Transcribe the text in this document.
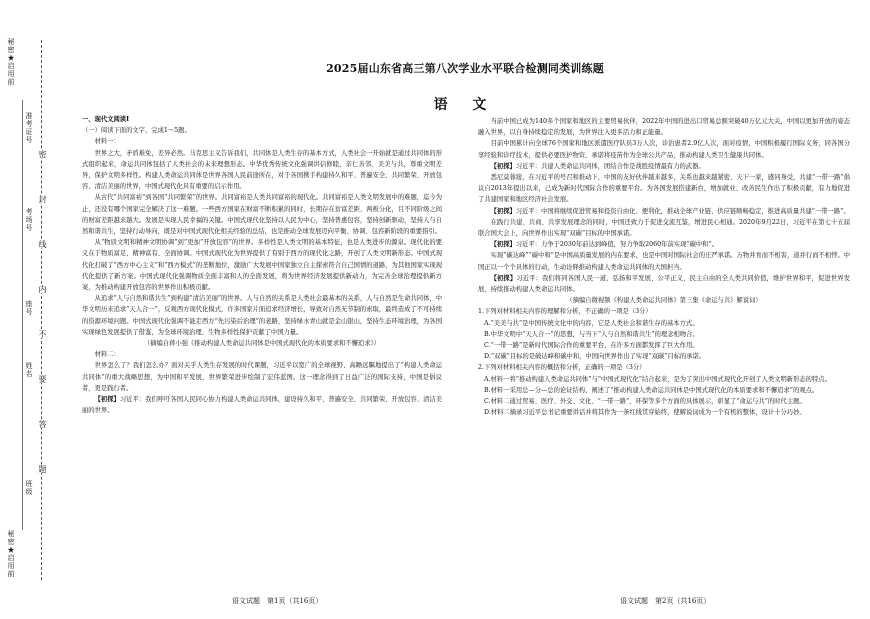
秘密★启用前
准考证号
考场号
座号
姓名
班级
密
封
线
内
不
要
答
题
秘密★启用前
2025届山东省高三第八次学业水平联合检测同类训练题
语 文

一、现代文阅读Ⅰ

（一）阅读下面的文字，完成1～5题。

材料一：

世界之大，矛盾难免，差异必然。马克思主义告诉我们，共同体是人类生存的基本方式，人类社会一开始就是通过共同体的形式组织起来，命运共同体包括了人类社会的未来理想形态。中华优秀传统文化强调讲信修睦，亲仁善邻、美美与共，尊重文明差异，保护文明多样性。构建人类命运共同体是世界各国人民前途所在，对于各国携手构建持久和平、普遍安全、共同繁荣、开放包容、清洁美丽的世界，中国式现代化具有重要的启示作用。

从古代“共同富裕”到各国“共同繁荣”的世界。共同富裕是人类共同富裕的现代化。共同富裕是人类文明发展中的难题，迄今为止，还没有哪个国家完全解决了这一难题。一些西方国家在财富不断积累的同时，长期存在贫富差距、两极分化，且不同阶级之间的财富差距越来越大。发展是实现人民幸福的关键。中国式现代化坚持以人民为中心，坚持普惠包容，坚持创新驱动，坚持人与自然和谐共生，坚持行动导向，既是对中国式现代化相关经验的总结，也是推动全球发展迈向平衡、协调、包容新阶段的重要指引。

从“物质文明和精神文明协调”到“更加“开放包容”的世界。多样性是人类文明的基本特征，也是人类进步的源泉。现代化的要义在于物质富足、精神富有、全面协调。中国式现代化为世界提供了有别于西方的现代化之路，开创了人类文明新形态。中国式现代化打破了“西方中心主义”和“西方模式”的垄断地位，激励广大发展中国家独立自主探索符合自己国情的道路，为其他国家实现现代化提供了新方案。中国式现代化强调物质全面丰富和人的全面发展，将为世界经济发展提供新动力，为完善全球治理提供新方案，为推动构建开放包容的世界作出积极贡献。

从追求“人与自然和谐共生”到构建“清洁美丽”的世界。人与自然的关系是人类社会最基本的关系，人与自然是生命共同体，中华文明历来追求“天人合一”，反观西方现代化模式，许多国家片面追求经济增长，导致对自然无节制的索取，最终造成了不可持续的资源环境问题。中国式现代化强调不能走西方“先污染后治理”的老路，坚持绿水青山就是金山银山，坚持生态环境治理，为各国实现绿色发展提供了借鉴，为全球环境治理、生物多样性保护贡献了中国力量。

（摘编自蒋小强《推动构建人类命运共同体是中国式现代化的本质要求和不懈追求》）

材料二：

世界怎么了？我们怎么办？面对关乎人类生存发展的时代课题，习近平以宽广的全球视野、高瞻远瞩地提出了“构建人类命运共同体”的重大战略思想，为中国和平发展、世界繁荣进步绘制了宏伟蓝图。这一理念得到了日益广泛的国际支持，中国是倡议者，更是践行者。

【初探】习近平：我们呼吁各国人民同心协力构建人类命运共同体，建设持久和平、普遍安全、共同繁荣、开放包容、清洁美丽的世界。

当前中国已成为140多个国家和地区的主要贸易伙伴，2022年中国的进出口贸易总额突破40万亿元大关，中国以更加开放的姿态融入世界，以自身持续稳定的发展，为世界注入更多活力和正能量。

目前中国累计向全球76个国家和地区派遣医疗队员3万人次，诊治患者2.9亿人次，面对疫情，中国积极履行国际义务，同各国分享经验和诊疗技术，提供必要医护物资，承诺将疫苗作为全球公共产品，推动构建人类卫生健康共同体。

【初探】习近平：共建人类命运共同体，团结合作是战胜疫情最有力的武器。

悉尼莫蓉接，在习近平的号召和推动下，中国的友好伙伴越来越多，关系也越来越紧密，天下一家，感同身受，共建“一带一路”倡议自2013年提出以来，已成为新时代国际合作的重要平台。为各国发展搭建新台，增加就业、改善民生作出了积极贡献，有力地促进了共建国家和地区经济社会发展。

【初探】习近平：中国将继续促进贸易和投资自由化、便利化，推动全球产业链、供应链顺畅稳定，推进高质量共建“一带一路”。

在践行共建、共商、共享发展理念的同时，中国还致力于促进交流互鉴，增进民心相通。2020年9月22日，习近平在第七十五届联合国大会上，向世界作出实现“双碳”目标的中国承诺。

【初探】习近平：力争于2030年前达到峰值，努力争取2060年前实现“碳中和”。

实现“碳达峰”“碳中和”是中国高质量发展的内在要求，也是中国对国际社会的庄严承诺。万物并育而不相害，道并行而不相悖。中国正以一个个具体的行动，生动诠释推动构建人类命运共同体的大国担当。

【初探】习近平：我们将同各国人民一道，弘扬和平发展、公平正义、民主自由的全人类共同价值，维护世界和平，促进世界发展，持续推动构建人类命运共同体。

（摘编自微视频《构建人类命运共同体》第三集《命运与共》解说词）

1.下列对材料相关内容的理解和分析，不正确的一项是（3分）

A.“美美与共”是中国传统文化中的内容，它是人类社会和谐生存的基本方式。

B.中华文明中“天人合一”的思想，与当下“人与自然和谐共生”的理念相吻合。

C.“一带一路”是新时代国际合作的重要平台，在许多方面都发挥了巨大作用。

D.“双碳”目标的是破达峰和碳中和，中国向世界作出了实现“双碳”目标的承诺。

2.下列对材料相关内容的概括和分析，正确的一项是（3分）

A.材料一将“推动构建人类命运共同体”与“中国式现代化”结合起来，是为了突出中国式现代化开创了人类文明新形态的特点。

B.材料一采用总—分—总的论证结构，阐述了“推动构建人类命运共同体是中国式现代化的本质要求和不懈追求”的观点。

C.材料二通过贸易、医疗、外交、文化、“一带一路”、环保等多个方面的具体展示，彰显了“命运与共”的时代主题。

D.材料二摘录习近平总书记重要讲话并将其作为一条红线贯穿始终，使解说词成为一个有机的整体，设计十分巧妙。

语文试题　第1页（共16页）	语文试题　第2页（共16页）
